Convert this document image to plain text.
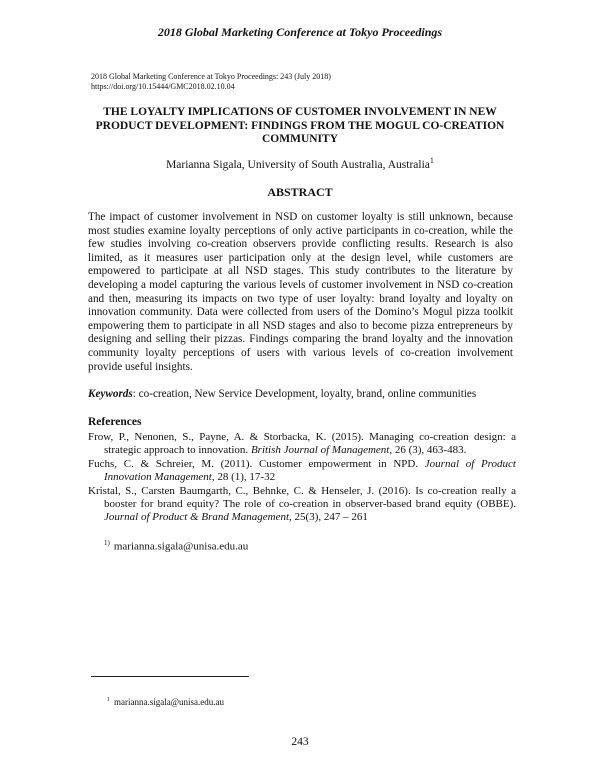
2018 Global Marketing Conference at Tokyo Proceedings
2018 Global Marketing Conference at Tokyo Proceedings: 243 (July 2018)
https://doi.org/10.15444/GMC2018.02.10.04
THE LOYALTY IMPLICATIONS OF CUSTOMER INVOLVEMENT IN NEW PRODUCT DEVELOPMENT: FINDINGS FROM THE MOGUL CO-CREATION COMMUNITY
Marianna Sigala, University of South Australia, Australia$^1$
ABSTRACT
The impact of customer involvement in NSD on customer loyalty is still unknown, because most studies examine loyalty perceptions of only active participants in co-creation, while the few studies involving co-creation observers provide conflicting results. Research is also limited, as it measures user participation only at the design level, while customers are empowered to participate at all NSD stages. This study contributes to the literature by developing a model capturing the various levels of customer involvement in NSD co-creation and then, measuring its impacts on two type of user loyalty: brand loyalty and loyalty on innovation community. Data were collected from users of the Domino’s Mogul pizza toolkit empowering them to participate in all NSD stages and also to become pizza entrepreneurs by designing and selling their pizzas. Findings comparing the brand loyalty and the innovation community loyalty perceptions of users with various levels of co-creation involvement provide useful insights.
Keywords: co-creation, New Service Development, loyalty, brand, online communities
References
Frow, P., Nenonen, S., Payne, A. & Storbacka, K. (2015). Managing co-creation design: a strategic approach to innovation. British Journal of Management, 26 (3), 463-483.
Fuchs, C. & Schreier, M. (2011). Customer empowerment in NPD. Journal of Product Innovation Management, 28 (1), 17-32
Kristal, S., Carsten Baumgarth, C., Behnke, C. & Henseler, J. (2016). Is co-creation really a booster for brand equity? The role of co-creation in observer-based brand equity (OBBE). Journal of Product & Brand Management, 25(3), 247 – 261
$^{1)}$ marianna.sigala@unisa.edu.au
$^1$ marianna.sigala@unisa.edu.au
243
